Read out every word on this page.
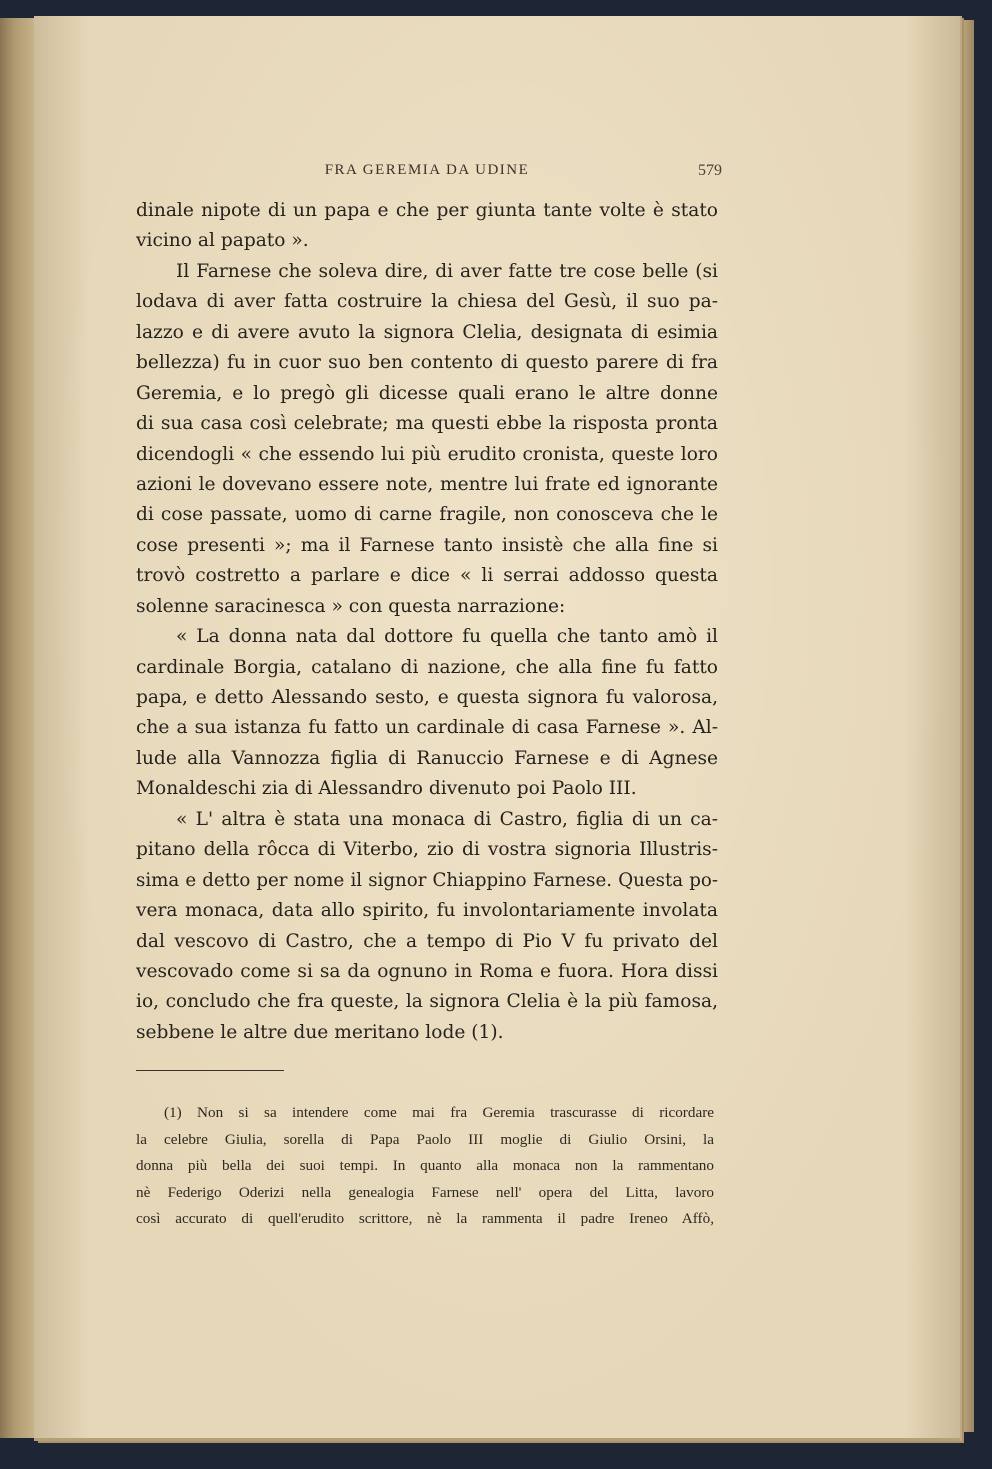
FRA GEREMIA DA UDINE	579
dinale nipote di un papa e che per giunta tante volte è stato
vicino al papato ».
Il Farnese che soleva dire, di aver fatte tre cose belle (si
lodava di aver fatta costruire la chiesa del Gesù, il suo pa-
lazzo e di avere avuto la signora Clelia, designata di esimia
bellezza) fu in cuor suo ben contento di questo parere di fra
Geremia, e lo pregò gli dicesse quali erano le altre donne
di sua casa così celebrate; ma questi ebbe la risposta pronta
dicendogli « che essendo lui più erudito cronista, queste loro
azioni le dovevano essere note, mentre lui frate ed ignorante
di cose passate, uomo di carne fragile, non conosceva che le
cose presenti »; ma il Farnese tanto insistè che alla fine si
trovò costretto a parlare e dice « li serrai addosso questa
solenne saracinesca » con questa narrazione:
« La donna nata dal dottore fu quella che tanto amò il
cardinale Borgia, catalano di nazione, che alla fine fu fatto
papa, e detto Alessando sesto, e questa signora fu valorosa,
che a sua istanza fu fatto un cardinale di casa Farnese ». Al-
lude alla Vannozza figlia di Ranuccio Farnese e di Agnese
Monaldeschi zia di Alessandro divenuto poi Paolo III.
« L' altra è stata una monaca di Castro, figlia di un ca-
pitano della rôcca di Viterbo, zio di vostra signoria Illustris-
sima e detto per nome il signor Chiappino Farnese. Questa po-
vera monaca, data allo spirito, fu involontariamente involata
dal vescovo di Castro, che a tempo di Pio V fu privato del
vescovado come si sa da ognuno in Roma e fuora. Hora dissi
io, concludo che fra queste, la signora Clelia è la più famosa,
sebbene le altre due meritano lode (1).
(1) Non si sa intendere come mai fra Geremia trascurasse di ricordare
la celebre Giulia, sorella di Papa Paolo III moglie di Giulio Orsini, la
donna più bella dei suoi tempi. In quanto alla monaca non la rammentano
nè Federigo Oderizi nella genealogia Farnese nell' opera del Litta, lavoro
così accurato di quell'erudito scrittore, nè la rammenta il padre Ireneo Affò,
